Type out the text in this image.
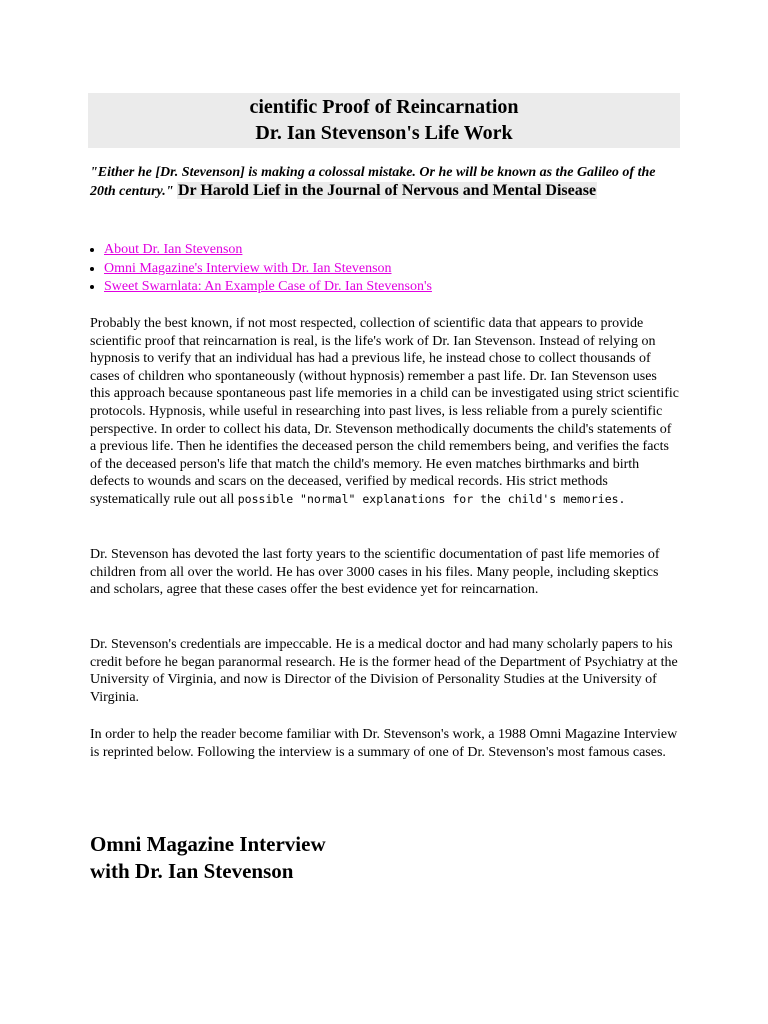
cientific Proof of Reincarnation
Dr. Ian Stevenson's Life Work
"Either he [Dr. Stevenson] is making a colossal mistake. Or he will be known as the Galileo of the 20th century." Dr Harold Lief in the Journal of Nervous and Mental Disease
• About Dr. Ian Stevenson
• Omni Magazine's Interview with Dr. Ian Stevenson
• Sweet Swarnlata: An Example Case of Dr. Ian Stevenson's

Probably the best known, if not most respected, collection of scientific data that appears to provide scientific proof that reincarnation is real, is the life's work of Dr. Ian Stevenson. Instead of relying on hypnosis to verify that an individual has had a previous life, he instead chose to collect thousands of cases of children who spontaneously (without hypnosis) remember a past life. Dr. Ian Stevenson uses this approach because spontaneous past life memories in a child can be investigated using strict scientific protocols. Hypnosis, while useful in researching into past lives, is less reliable from a purely scientific perspective. In order to collect his data, Dr. Stevenson methodically documents the child's statements of a previous life. Then he identifies the deceased person the child remembers being, and verifies the facts of the deceased person's life that match the child's memory. He even matches birthmarks and birth defects to wounds and scars on the deceased, verified by medical records. His strict methods systematically rule out all possible "normal" explanations for the child's memories.

Dr. Stevenson has devoted the last forty years to the scientific documentation of past life memories of children from all over the world. He has over 3000 cases in his files. Many people, including skeptics and scholars, agree that these cases offer the best evidence yet for reincarnation.

Dr. Stevenson's credentials are impeccable. He is a medical doctor and had many scholarly papers to his credit before he began paranormal research. He is the former head of the Department of Psychiatry at the University of Virginia, and now is Director of the Division of Personality Studies at the University of Virginia.

In order to help the reader become familiar with Dr. Stevenson's work, a 1988 Omni Magazine Interview is reprinted below. Following the interview is a summary of one of Dr. Stevenson's most famous cases.

Omni Magazine Interview
with Dr. Ian Stevenson
